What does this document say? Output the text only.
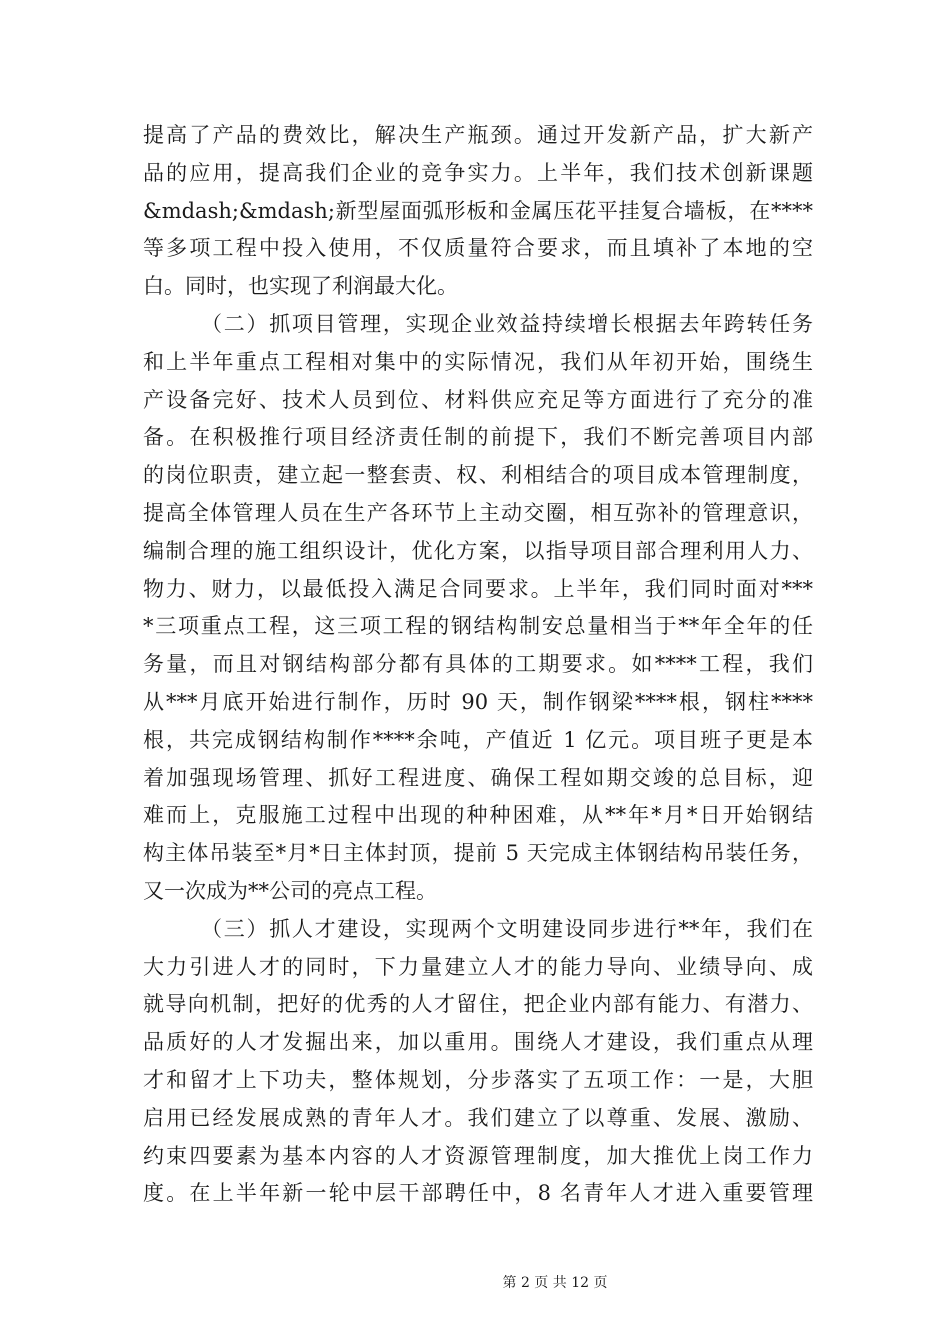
提高了产品的费效比，解决生产瓶颈。通过开发新产品，扩大新产
品的应用，提高我们企业的竞争实力。上半年，我们技术创新课题
&mdash;&mdash;新型屋面弧形板和金属压花平挂复合墙板，在****
等多项工程中投入使用，不仅质量符合要求，而且填补了本地的空
白。同时，也实现了利润最大化。
（二）抓项目管理，实现企业效益持续增长根据去年跨转任务
和上半年重点工程相对集中的实际情况，我们从年初开始，围绕生
产设备完好、技术人员到位、材料供应充足等方面进行了充分的准
备。在积极推行项目经济责任制的前提下，我们不断完善项目内部
的岗位职责，建立起一整套责、权、利相结合的项目成本管理制度，
提高全体管理人员在生产各环节上主动交圈，相互弥补的管理意识，
编制合理的施工组织设计，优化方案，以指导项目部合理利用人力、
物力、财力，以最低投入满足合同要求。上半年，我们同时面对***
*三项重点工程，这三项工程的钢结构制安总量相当于**年全年的任
务量，而且对钢结构部分都有具体的工期要求。如****工程，我们
从***月底开始进行制作，历时 90 天，制作钢梁****根，钢柱****
根，共完成钢结构制作****余吨，产值近 1 亿元。项目班子更是本
着加强现场管理、抓好工程进度、确保工程如期交竣的总目标，迎
难而上，克服施工过程中出现的种种困难，从**年*月*日开始钢结
构主体吊装至*月*日主体封顶，提前 5 天完成主体钢结构吊装任务，
又一次成为**公司的亮点工程。
（三）抓人才建设，实现两个文明建设同步进行**年，我们在
大力引进人才的同时，下力量建立人才的能力导向、业绩导向、成
就导向机制，把好的优秀的人才留住，把企业内部有能力、有潜力、
品质好的人才发掘出来，加以重用。围绕人才建设，我们重点从理
才和留才上下功夫，整体规划，分步落实了五项工作：一是，大胆
启用已经发展成熟的青年人才。我们建立了以尊重、发展、激励、
约束四要素为基本内容的人才资源管理制度，加大推优上岗工作力
度。在上半年新一轮中层干部聘任中，8 名青年人才进入重要管理
第 2 页 共 12 页
